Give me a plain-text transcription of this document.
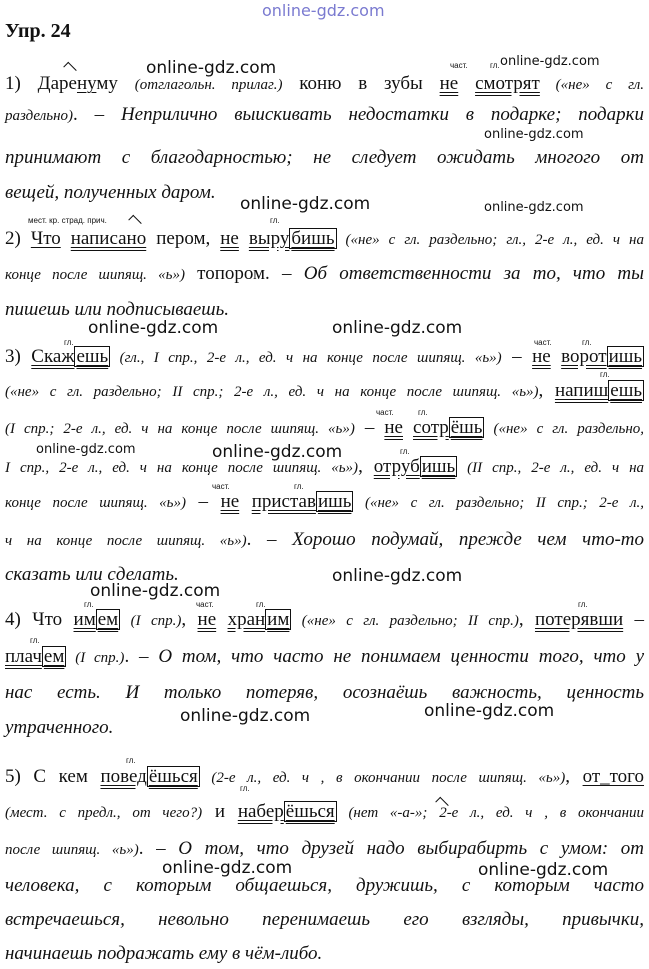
online-gdz.com
online-gdz.com	online-gdz.com
online-gdz.com
online-gdz.com	online-gdz.com
online-gdz.com	online-gdz.com
online-gdz.com	online-gdz.com
online-gdz.com
online-gdz.com
online-gdz.com	online-gdz.com
online-gdz.com	online-gdz.com
Упр. 24
част.	гл.
мест. кр. страд. прич.	гл.
гл.	част.	гл.
гл.
част.	гл.
гл.
част.	гл.
гл.	част.	гл.	гл.
гл.
гл.
гл.
1) Даренуму (отглагольн. прилаг.) коню в зубы не смотрят («не» с гл.
раздельно). – Неприлично выискивать недостатки в подарке; подарки
принимают с благодарностью; не следует ожидать многого от
вещей, полученных даром.
2) Что написано пером, не выру бишь («не» с гл. раздельно; гл., 2-е л., ед. ч на
конце после шипящ. «ь») топором. – Об ответственности за то, что ты
пишешь или подписываешь.
3) Скаж ешь (гл., I спр., 2-е л., ед. ч на конце после шипящ. «ь») – не ворот ишь
(«не» с гл. раздельно; II спр.; 2-е л., ед. ч на конце после шипящ. «ь»), напиш ешь
(I спр.; 2-е л., ед. ч на конце после шипящ. «ь») – не сотр ёшь («не» с гл. раздельно,
I спр., 2-е л., ед. ч на конце после шипящ. «ь»), отруб ишь (II спр., 2-е л., ед. ч на
конце после шипящ. «ь») – не пристав ишь («не» с гл. раздельно; II спр.; 2-е л.,
ч на конце после шипящ. «ь»). – Хорошо подумай, прежде чем что-то
сказать или сделать.
4) Что им ем (I спр.), не хран им («не» с гл. раздельно; II спр.), потерявши –
плач ем (I спр.). – О том, что часто не понимаем ценности того, что у
нас есть. И только потеряв, осознаёшь важность, ценность
утраченного.
5) С кем повед ёшься (2-е л., ед. ч , в окончании после шипящ. «ь»), от_того
(мест. с предл., от чего?) и набер ёшься (нет «-а-»; 2-е л., ед. ч , в окончании
после шипящ. «ь»). – О том, что друзей надо выбирабирть с умом: от
человека, с которым общаешься, дружишь, с которым часто
встречаешься, невольно перенимаешь его взгляды, привычки,
начинаешь подражать ему в чём-либо.
